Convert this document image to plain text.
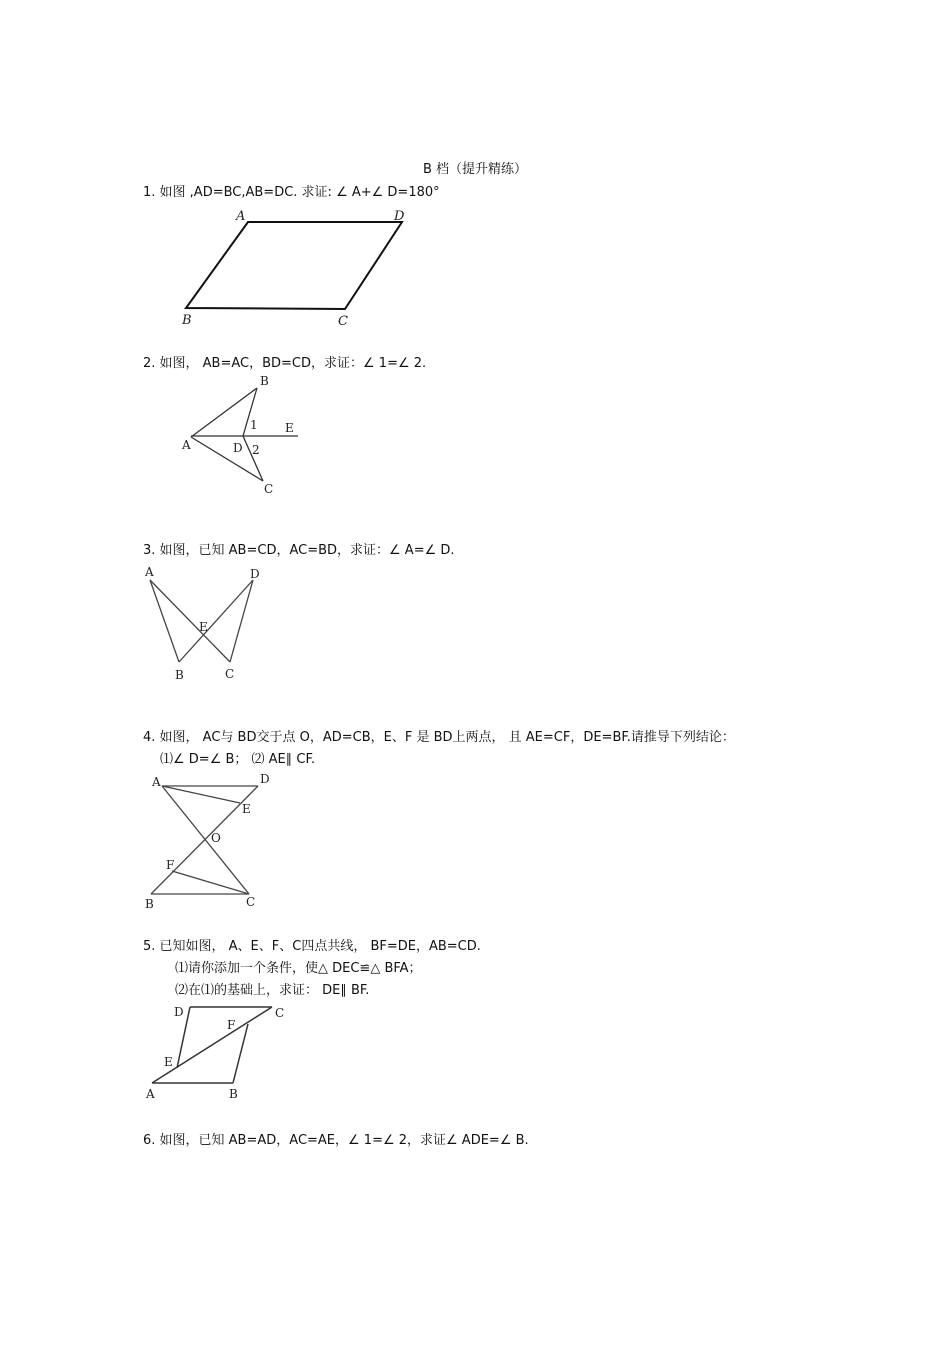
B 档（提升精练）
1. 如图 ,AD=BC,AB=DC. 求证: ∠ A+∠ D=180°
A	D
B	C
2. 如图， AB=AC，BD=CD，求证：∠ 1=∠ 2.
A
B
D
E
1
2
C
3. 如图，已知 AB=CD，AC=BD，求证：∠ A=∠ D.
A	D
E
B	C
4. 如图， AC与 BD交于点 O，AD=CB，E、F 是 BD上两点， 且 AE=CF，DE=BF.请推导下列结论：
⑴∠ D=∠ B； ⑵ AE∥ CF.
A	D
E
O
F
B	C
5. 已知如图， A、E、F、C四点共线， BF=DE，AB=CD.
⑴请你添加一个条件，使△ DEC≌△ BFA；
⑵在⑴的基础上，求证： DE∥ BF.
D	C
F
E
A	B
6. 如图，已知 AB=AD，AC=AE，∠ 1=∠ 2，求证∠ ADE=∠ B.
